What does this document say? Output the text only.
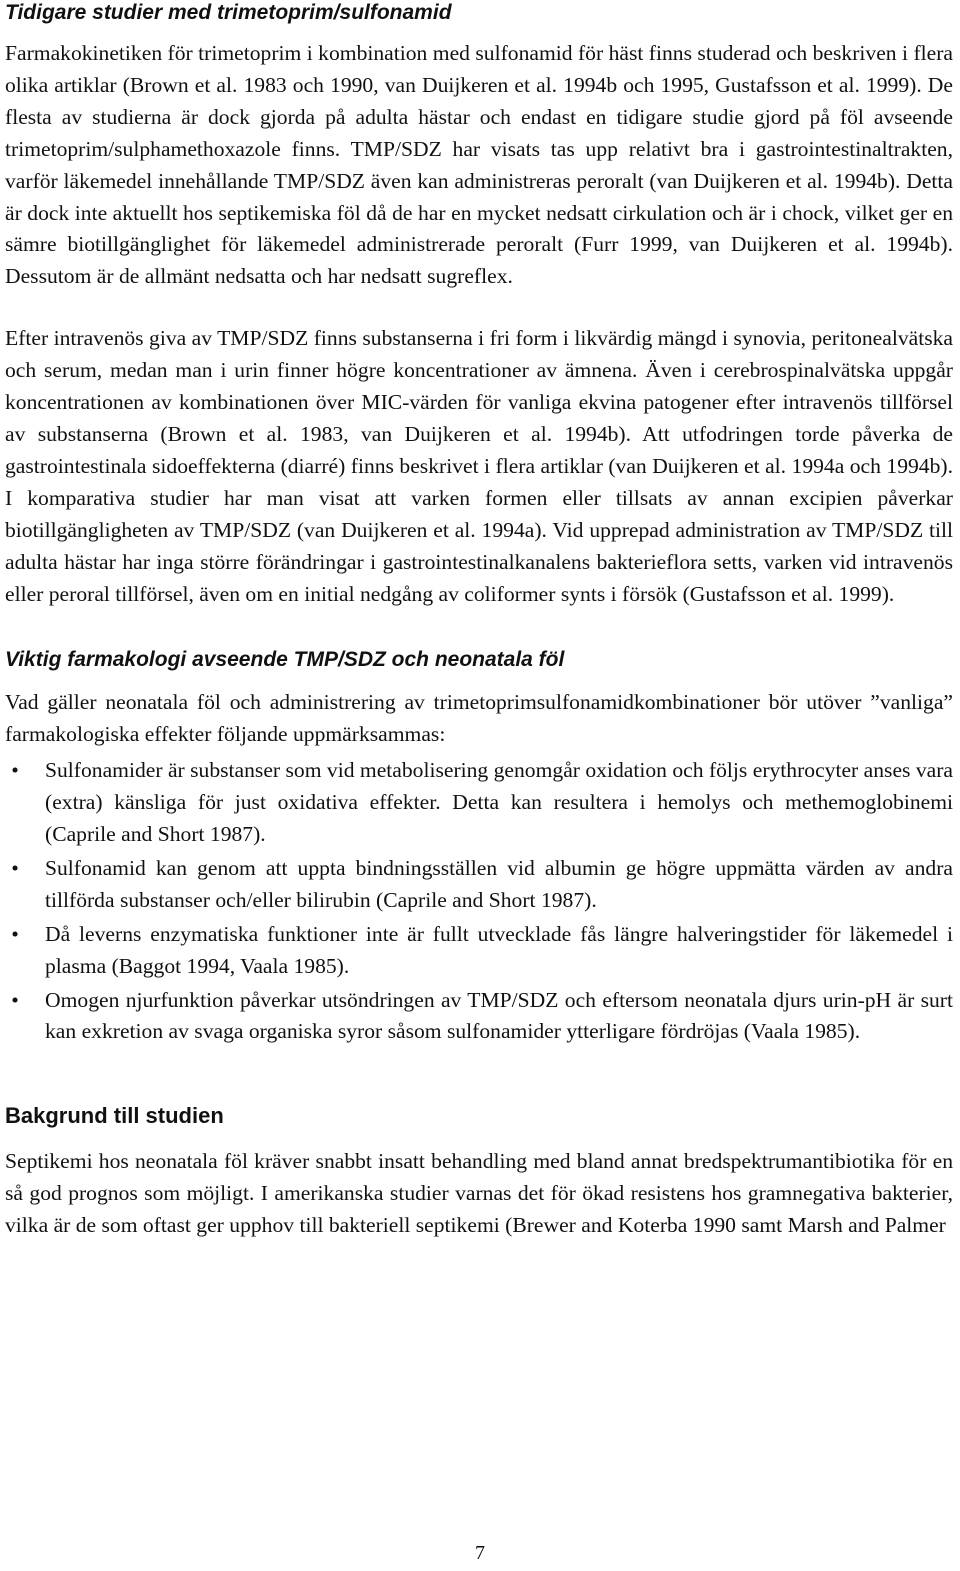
Tidigare studier med trimetoprim/sulfonamid

Farmakokinetiken för trimetoprim i kombination med sulfonamid för häst finns studerad och beskriven i flera olika artiklar (Brown et al. 1983 och 1990, van Duijkeren et al. 1994b och 1995, Gustafsson et al. 1999). De flesta av studierna är dock gjorda på adulta hästar och endast en tidigare studie gjord på föl avseende trimetoprim/sulphamethoxazole finns. TMP/SDZ har visats tas upp relativt bra i gastrointestinaltrakten, varför läkemedel innehållande TMP/SDZ även kan administreras peroralt (van Duijkeren et al. 1994b). Detta är dock inte aktuellt hos septikemiska föl då de har en mycket nedsatt cirkulation och är i chock, vilket ger en sämre biotillgänglighet för läkemedel administrerade peroralt (Furr 1999, van Duijkeren et al. 1994b). Dessutom är de allmänt nedsatta och har nedsatt sugreflex.

Efter intravenös giva av TMP/SDZ finns substanserna i fri form i likvärdig mängd i synovia, peritonealvätska och serum, medan man i urin finner högre koncentrationer av ämnena. Även i cerebrospinalvätska uppgår koncentrationen av kombinationen över MIC-värden för vanliga ekvina patogener efter intravenös tillförsel av substanserna (Brown et al. 1983, van Duijkeren et al. 1994b). Att utfodringen torde påverka de gastrointestinala sidoeffekterna (diarré) finns beskrivet i flera artiklar (van Duijkeren et al. 1994a och 1994b). I komparativa studier har man visat att varken formen eller tillsats av annan excipien påverkar biotillgängligheten av TMP/SDZ (van Duijkeren et al. 1994a). Vid upprepad administration av TMP/SDZ till adulta hästar har inga större förändringar i gastrointestinalkanalens bakterieflora setts, varken vid intravenös eller peroral tillförsel, även om en initial nedgång av coliformer synts i försök (Gustafsson et al. 1999).

Viktig farmakologi avseende TMP/SDZ och neonatala föl

Vad gäller neonatala föl och administrering av trimetoprimsulfonamidkombinationer bör utöver ”vanliga” farmakologiska effekter följande uppmärksammas:

• Sulfonamider är substanser som vid metabolisering genomgår oxidation och följs erythrocyter anses vara (extra) känsliga för just oxidativa effekter. Detta kan resultera i hemolys och methemoglobinemi (Caprile and Short 1987).
• Sulfonamid kan genom att uppta bindningsställen vid albumin ge högre uppmätta värden av andra tillförda substanser och/eller bilirubin (Caprile and Short 1987).
• Då leverns enzymatiska funktioner inte är fullt utvecklade fås längre halveringstider för läkemedel i plasma (Baggot 1994, Vaala 1985).
• Omogen njurfunktion påverkar utsöndringen av TMP/SDZ och eftersom neonatala djurs urin-pH är surt kan exkretion av svaga organiska syror såsom sulfonamider ytterligare fördröjas (Vaala 1985).
Bakgrund till studien

Septikemi hos neonatala föl kräver snabbt insatt behandling med bland annat bredspektrumantibiotika för en så god prognos som möjligt. I amerikanska studier varnas det för ökad resistens hos gramnegativa bakterier, vilka är de som oftast ger upphov till bakteriell septikemi (Brewer and Koterba 1990 samt Marsh and Palmer

7
